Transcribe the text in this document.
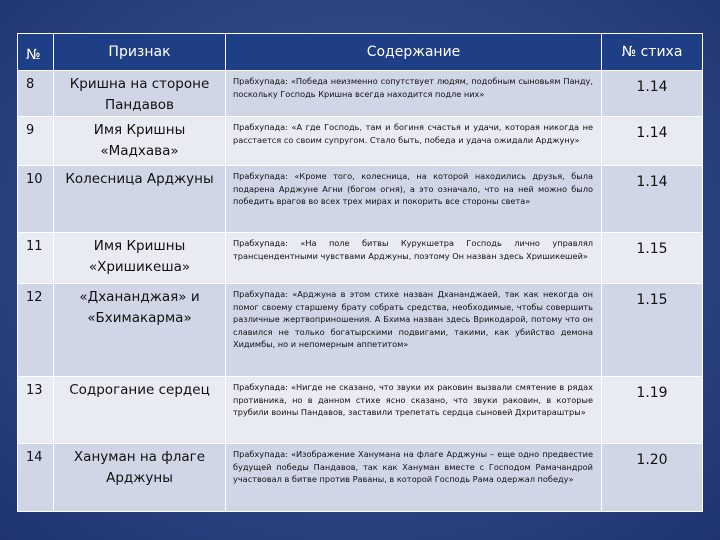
№	Признак	Содержание	№ стиха
8	Кришна на стороне Пандавов	Прабхупада: «Победа неизменно сопутствует людям, подобным сыновьям Панду, поскольку Господь Кришна всегда находится подле них»	1.14
9	Имя Кришны «Мадхава»	Прабхупада: «А где Господь, там и богиня счастья и удачи, которая никогда не расстается со своим супругом. Стало быть, победа и удача ожидали Арджуну»	1.14
10	Колесница Арджуны	Прабхупада: «Кроме того, колесница, на которой находились друзья, была подарена Арджуне Агни (богом огня), а это означало, что на ней можно было победить врагов во всех трех мирах и покорить все стороны света»	1.14
11	Имя Кришны «Хришикеша»	Прабхупада: «На поле битвы Курукшетра Господь лично управлял трансцендентными чувствами Арджуны, поэтому Он назван здесь Хришикешей»	1.15
12	«Дхананджая» и «Бхимакарма»	Прабхупада: «Арджуна в этом стихе назван Дхананджаей, так как некогда он помог своему старшему брату собрать средства, необходимые, чтобы совершить различные жертвоприношения. А Бхима назван здесь Врикодарой, потому что он славился не только богатырскими подвигами, такими, как убийство демона Хидимбы, но и непомерным аппетитом»	1.15
13	Содрогание сердец	Прабхупада: «Нигде не сказано, что звуки их раковин вызвали смятение в рядах противника, но в данном стихе ясно сказано, что звуки раковин, в которые трубили воины Пандавов, заставили трепетать сердца сыновей Дхритараштры»	1.19
14	Хануман на флаге Арджуны	Прабхупада: «Изображение Ханумана на флаге Арджуны – еще одно предвестие будущей победы Пандавов, так как Хануман вместе с Господом Рамачандрой участвовал в битве против Раваны, в которой Господь Рама одержал победу»	1.20
